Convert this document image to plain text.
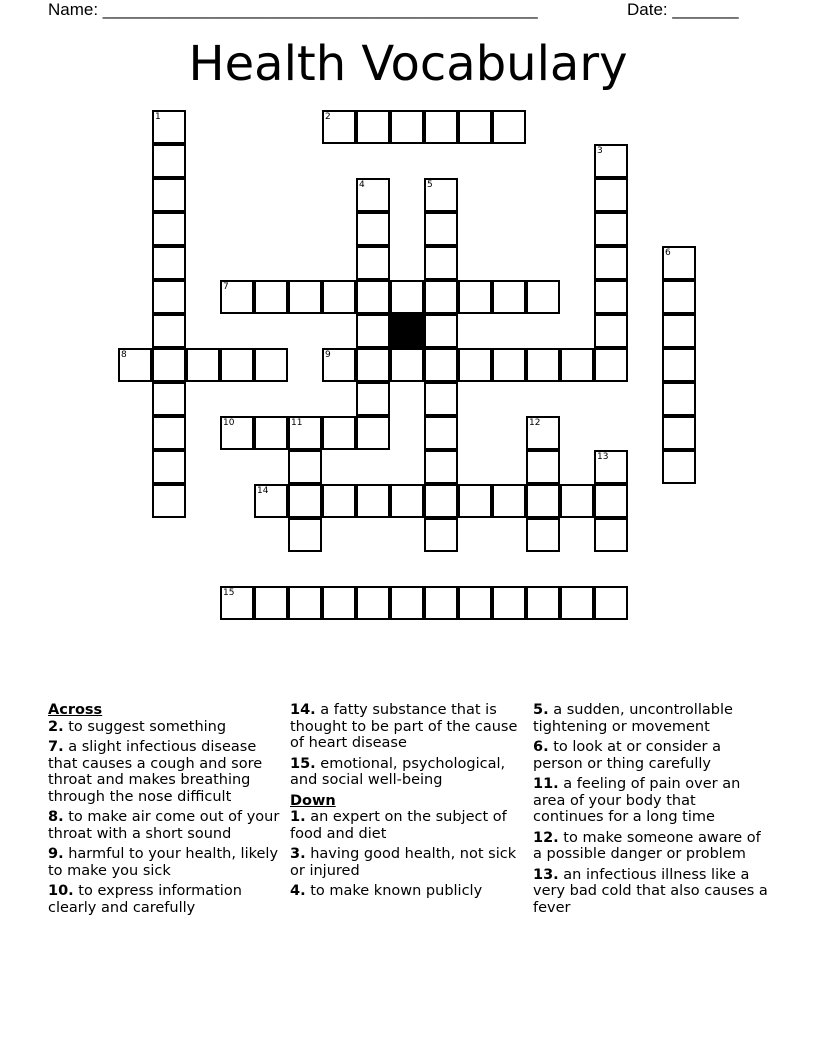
Name: ______________________________________________	Date: _______
Health Vocabulary
1	2
3
4	5
6
7
8	9
10	11	12
13
14
15
Across
2. to suggest something
7. a slight infectious disease that causes a cough and sore throat and makes breathing through the nose difficult
8. to make air come out of your throat with a short sound
9. harmful to your health, likely to make you sick
10. to express information clearly and carefully
14. a fatty substance that is thought to be part of the cause of heart disease
15. emotional, psychological, and social well-being
Down
1. an expert on the subject of food and diet
3. having good health, not sick or injured
4. to make known publicly
5. a sudden, uncontrollable tightening or movement
6. to look at or consider a person or thing carefully
11. a feeling of pain over an area of your body that continues for a long time
12. to make someone aware of a possible danger or problem
13. an infectious illness like a very bad cold that also causes a fever
